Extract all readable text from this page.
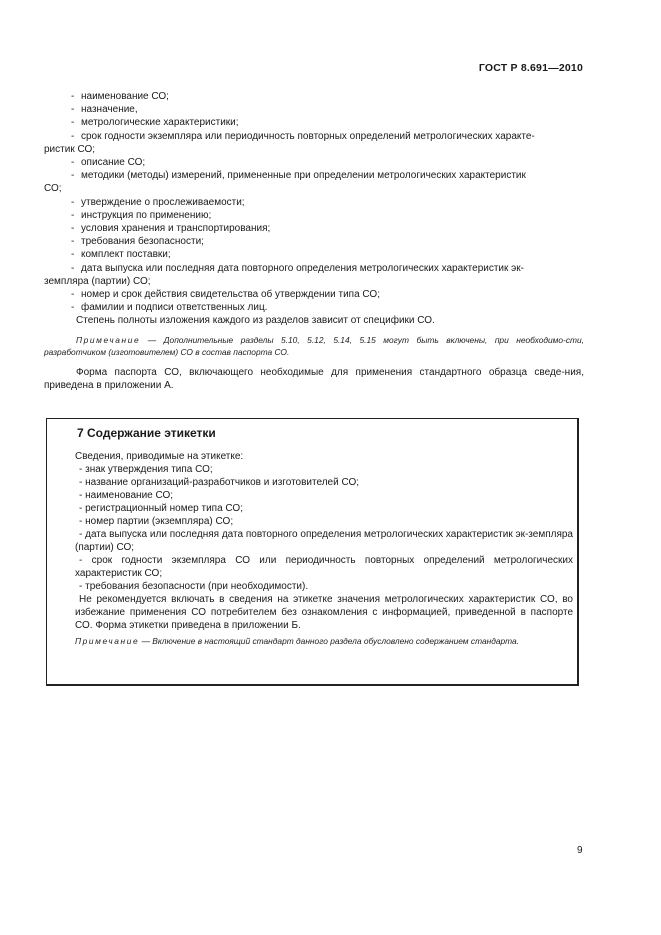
ГОСТ Р 8.691—2010

- наименование СО;

- назначение,

- метрологические характеристики;

- срок годности экземпляра или периодичность повторных определений метрологических характе-

ристик СО;

- описание СО;

- методики (методы) измерений, примененные при определении метрологических характеристик

СО;

- утверждение о прослеживаемости;

- инструкция по применению;

- условия хранения и транспортирования;

- требования безопасности;

- комплект поставки;

- дата выпуска или последняя дата повторного определения метрологических характеристик эк-

земпляра (партии) СО;

- номер и срок действия свидетельства об утверждении типа СО;

- фамилии и подписи ответственных лиц.

Степень полноты изложения каждого из разделов зависит от специфики СО.

Примечание — Дополнительные разделы 5.10, 5.12, 5.14, 5.15 могут быть включены, при необходимо-сти, разработчиком (изготовителем) СО в состав паспорта СО.

Форма паспорта СО, включающего необходимые для применения стандартного образца сведе-ния, приведена в приложении А.

7 Содержание этикетки
Сведения, приводимые на этикетке:

- знак утверждения типа СО;

- название организаций-разработчиков и изготовителей СО;

- наименование СО;

- регистрационный номер типа СО;

- номер партии (экземпляра) СО;

- дата выпуска или последняя дата повторного определения метрологических характеристик эк-земпляра (партии) СО;

- срок годности экземпляра СО или периодичность повторных определений метрологических характеристик СО;

- требования безопасности (при необходимости).

Не рекомендуется включать в сведения на этикетке значения метрологических характеристик СО, во избежание применения СО потребителем без ознакомления с информацией, приведенной в паспорте СО. Форма этикетки приведена в приложении Б.

Примечание — Включение в настоящий стандарт данного раздела обусловлено содержанием стандарта.

9
